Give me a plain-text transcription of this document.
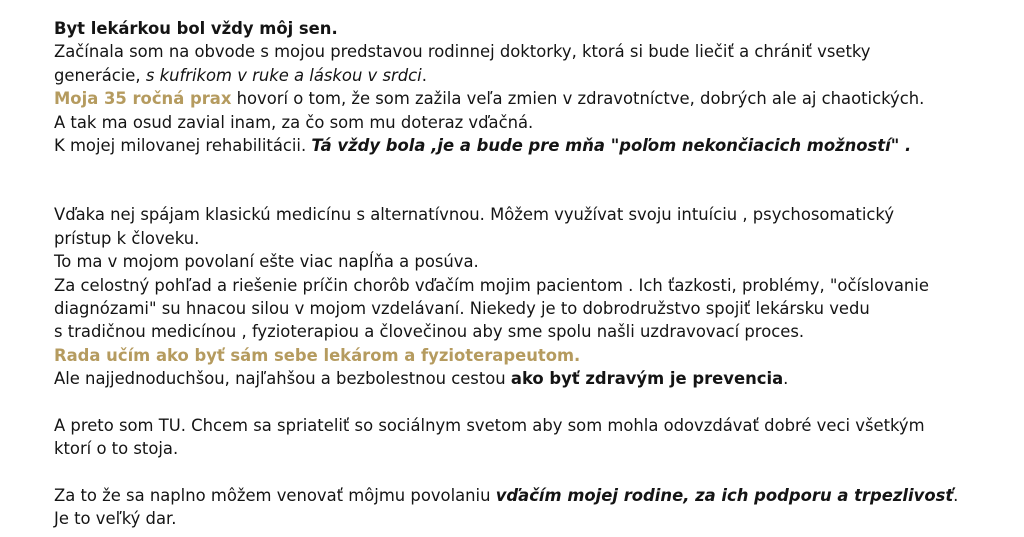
Byt lekárkou bol vždy môj sen.

Začínala som na obvode s mojou predstavou rodinnej doktorky, ktorá si bude liečiť a chrániť vsetky

generácie, s kufrikom v ruke a láskou v srdci.

Moja 35 ročná prax hovorí o tom, že som zažila veľa zmien v zdravotníctve, dobrých ale aj chaotických.

A tak ma osud zavial inam, za čo som mu doteraz vďačná.

K mojej milovanej rehabilitácii. Tá vždy bola ,je a bude pre mňa "poľom nekončiacich možností" .

Vďaka nej spájam klasickú medicínu s alternatívnou. Môžem využívat svoju intuíciu , psychosomatický

prístup k človeku.

To ma v mojom povolaní ešte viac napĺňa a posúva.

Za celostný pohľad a riešenie príčin chorôb vďačím mojim pacientom . Ich ťazkosti, problémy, "očíslovanie

diagnózami" su hnacou silou v mojom vzdelávaní. Niekedy je to dobrodružstvo spojiť lekársku vedu

s tradičnou medicínou , fyzioterapiou a človečinou aby sme spolu našli uzdravovací proces.

Rada učím ako byť sám sebe lekárom a fyzioterapeutom.

Ale najjednoduchšou, najľahšou a bezbolestnou cestou ako byť zdravým je prevencia.

A preto som TU. Chcem sa spriateliť so sociálnym svetom aby som mohla odovzdávať dobré veci všetkým

ktorí o to stoja.

Za to že sa naplno môžem venovať môjmu povolaniu vďačím mojej rodine, za ich podporu a trpezlivosť.

Je to veľký dar.
